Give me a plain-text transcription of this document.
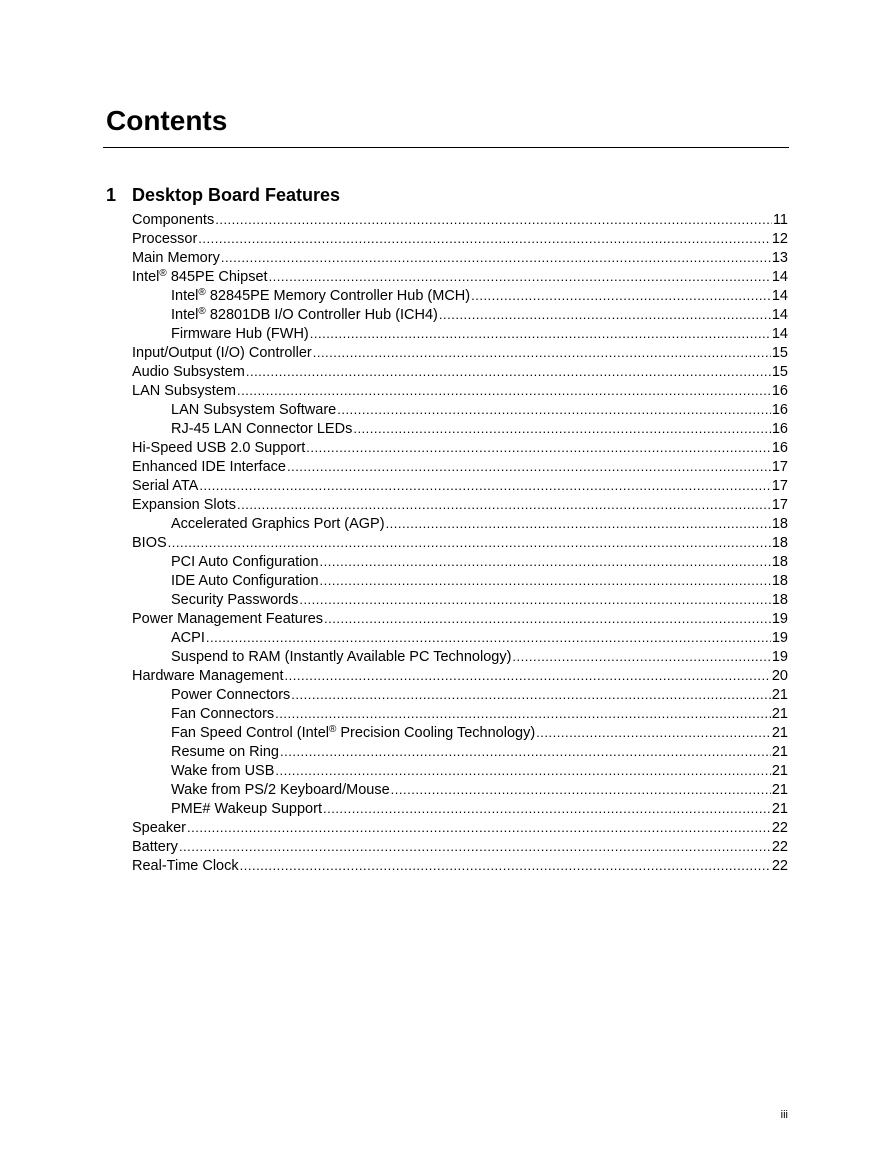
Contents
1 Desktop Board Features
Components .....	11
Processor .....	12
Main Memory .....	13
Intel® 845PE Chipset .....	14
Intel® 82845PE Memory Controller Hub (MCH) .....	14
Intel® 82801DB I/O Controller Hub (ICH4) .....	14
Firmware Hub (FWH) .....	14
Input/Output (I/O) Controller .....	15
Audio Subsystem .....	15
LAN Subsystem .....	16
LAN Subsystem Software .....	16
RJ-45 LAN Connector LEDs .....	16
Hi-Speed USB 2.0 Support .....	16
Enhanced IDE Interface .....	17
Serial ATA .....	17
Expansion Slots .....	17
Accelerated Graphics Port (AGP) .....	18
BIOS .....	18
PCI Auto Configuration .....	18
IDE Auto Configuration .....	18
Security Passwords .....	18
Power Management Features .....	19
ACPI .....	19
Suspend to RAM (Instantly Available PC Technology) .....	19
Hardware Management .....	20
Power Connectors .....	21
Fan Connectors .....	21
Fan Speed Control (Intel® Precision Cooling Technology) .....	21
Resume on Ring .....	21
Wake from USB .....	21
Wake from PS/2 Keyboard/Mouse .....	21
PME# Wakeup Support .....	21
Speaker .....	22
Battery .....	22
Real-Time Clock .....	22
iii
